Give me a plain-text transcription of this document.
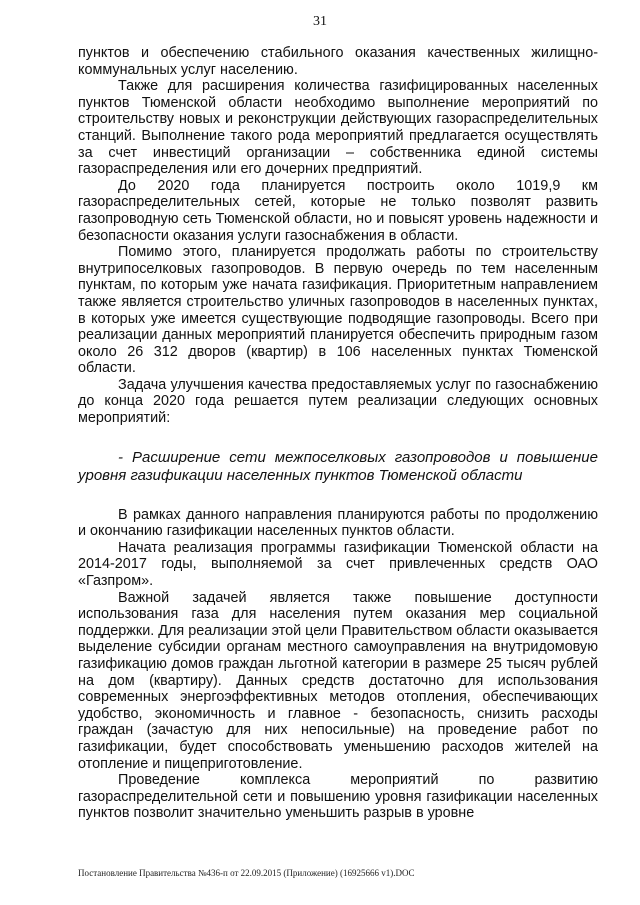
31

пунктов и обеспечению стабильного оказания качественных жилищно-коммунальных услуг населению.

Также для расширения количества газифицированных населенных пунктов Тюменской области необходимо выполнение мероприятий по строительству новых и реконструкции действующих газораспределительных станций. Выполнение такого рода мероприятий предлагается осуществлять за счет инвестиций организации – собственника единой системы газораспределения или его дочерних предприятий.

До 2020 года планируется построить около 1019,9 км газораспределительных сетей, которые не только позволят развить газопроводную сеть Тюменской области, но и повысят уровень надежности и безопасности оказания услуги газоснабжения в области.

Помимо этого, планируется продолжать работы по строительству внутрипоселковых газопроводов. В первую очередь по тем населенным пунктам, по которым уже начата газификация. Приоритетным направлением также является строительство уличных газопроводов в населенных пунктах, в которых уже имеется существующие подводящие газопроводы. Всего при реализации данных мероприятий планируется обеспечить природным газом около 26 312 дворов (квартир) в 106 населенных пунктах Тюменской области.

Задача улучшения качества предоставляемых услуг по газоснабжению до конца 2020 года решается путем реализации следующих основных мероприятий:

- Расширение сети межпоселковых газопроводов и повышение уровня газификации населенных пунктов Тюменской области

В рамках данного направления планируются работы по продолжению и окончанию газификации населенных пунктов области.

Начата реализация программы газификации Тюменской области на 2014-2017 годы, выполняемой за счет привлеченных средств ОАО «Газпром».

Важной задачей является также повышение доступности использования газа для населения путем оказания мер социальной поддержки. Для реализации этой цели Правительством области оказывается выделение субсидии органам местного самоуправления на внутридомовую газификацию домов граждан льготной категории в размере 25 тысяч рублей на дом (квартиру). Данных средств достаточно для использования современных энергоэффективных методов отопления, обеспечивающих удобство, экономичность и главное - безопасность, снизить расходы граждан (зачастую для них непосильные) на проведение работ по газификации, будет способствовать уменьшению расходов жителей на отопление и пищеприготовление.

Проведение комплекса мероприятий по развитию газораспределительной сети и повышению уровня газификации населенных пунктов позволит значительно уменьшить разрыв в уровне

Постановление Правительства №436-п от 22.09.2015 (Приложение) (16925666 v1).DOC
